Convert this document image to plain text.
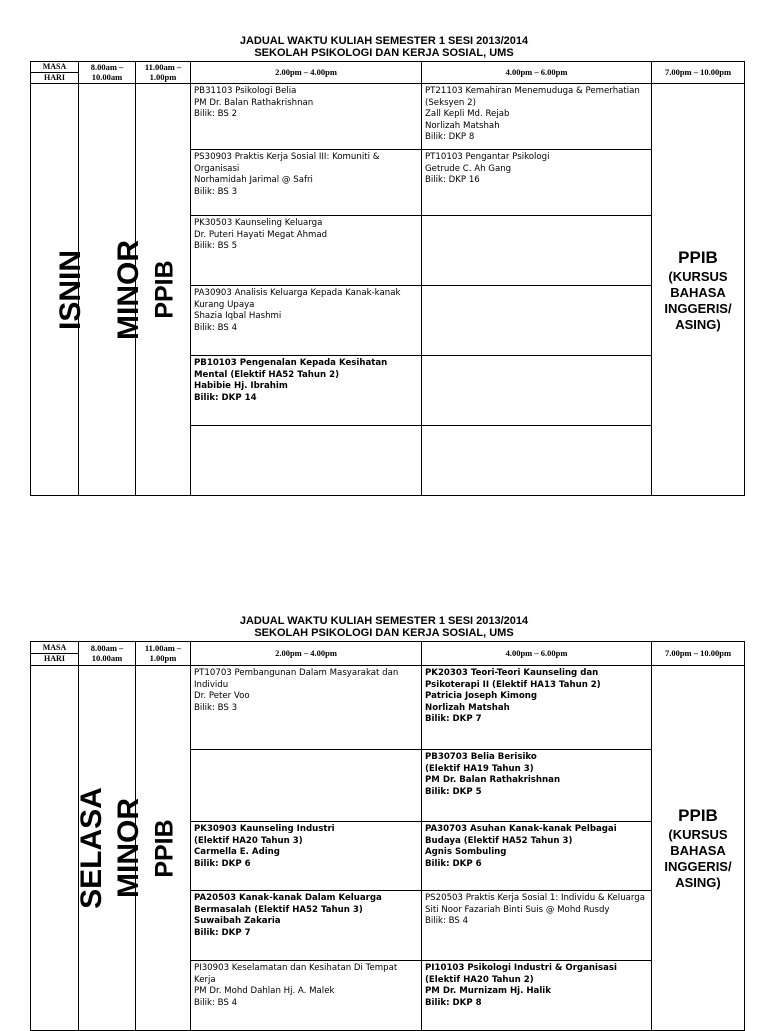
JADUAL WAKTU KULIAH SEMESTER 1 SESI 2013/2014
SEKOLAH PSIKOLOGI DAN KERJA SOSIAL, UMS
MASA
HARI	8.00am – 10.00am	11.00am – 1.00pm	2.00pm – 4.00pm	4.00pm – 6.00pm	7.00pm – 10.00pm
ISNIN	MINOR	PPIB	PB31103 Psikologi Belia
PM Dr. Balan Rathakrishnan
Bilik: BS 2	PT21103 Kemahiran Menemuduga & Pemerhatian (Seksyen 2)
Zall Kepli Md. Rejab
Norlizah Matshah
Bilik: DKP 8	PPIB
(KURSUS BAHASA INGGERIS/ ASING)

			PS30903 Praktis Kerja Sosial III: Komuniti & Organisasi
Norhamidah Jarimal @ Safri
Bilik: BS 3	PT10103 Pengantar Psikologi
Getrude C. Ah Gang
Bilik: DKP 16	

			PK30503 Kaunseling Keluarga
Dr. Puteri Hayati Megat Ahmad
Bilik: BS 5		

			PA30903 Analisis Keluarga Kepada Kanak-kanak Kurang Upaya
Shazia Iqbal Hashmi
Bilik: BS 4		

			PB10103 Pengenalan Kepada Kesihatan Mental (Elektif HA52 Tahun 2)
Habibie Hj. Ibrahim
Bilik: DKP 14		

JADUAL WAKTU KULIAH SEMESTER 1 SESI 2013/2014
SEKOLAH PSIKOLOGI DAN KERJA SOSIAL, UMS
MASA
HARI	8.00am – 10.00am	11.00am – 1.00pm	2.00pm – 4.00pm	4.00pm – 6.00pm	7.00pm – 10.00pm
SELASA	MINOR	PPIB	PT10703 Pembangunan Dalam Masyarakat dan Individu
Dr. Peter Voo
Bilik: BS 3	PK20303 Teori-Teori Kaunseling dan Psikoterapi II (Elektif HA13 Tahun 2)
Patricia Joseph Kimong
Norlizah Matshah
Bilik: DKP 7	PPIB
(KURSUS BAHASA INGGERIS/ ASING)

				PB30703 Belia Berisiko
(Elektif HA19 Tahun 3)
PM Dr. Balan Rathakrishnan
Bilik: DKP 5	

			PK30903 Kaunseling Industri
(Elektif HA20 Tahun 3)
Carmella E. Ading
Bilik: DKP 6	PA30703 Asuhan Kanak-kanak Pelbagai Budaya (Elektif HA52 Tahun 3)
Agnis Sombuling
Bilik: DKP 6	

			PA20503 Kanak-kanak Dalam Keluarga Bermasalah (Elektif HA52 Tahun 3)
Suwaibah Zakaria
Bilik: DKP 7	PS20503 Praktis Kerja Sosial 1: Individu & Keluarga
Siti Noor Fazariah Binti Suis @ Mohd Rusdy
Bilik: BS 4	

			PI30903 Keselamatan dan Kesihatan Di Tempat Kerja
PM Dr. Mohd Dahlan Hj. A. Malek
Bilik: BS 4	PI10103 Psikologi Industri & Organisasi (Elektif HA20 Tahun 2)
PM Dr. Murnizam Hj. Halik
Bilik: DKP 8	
